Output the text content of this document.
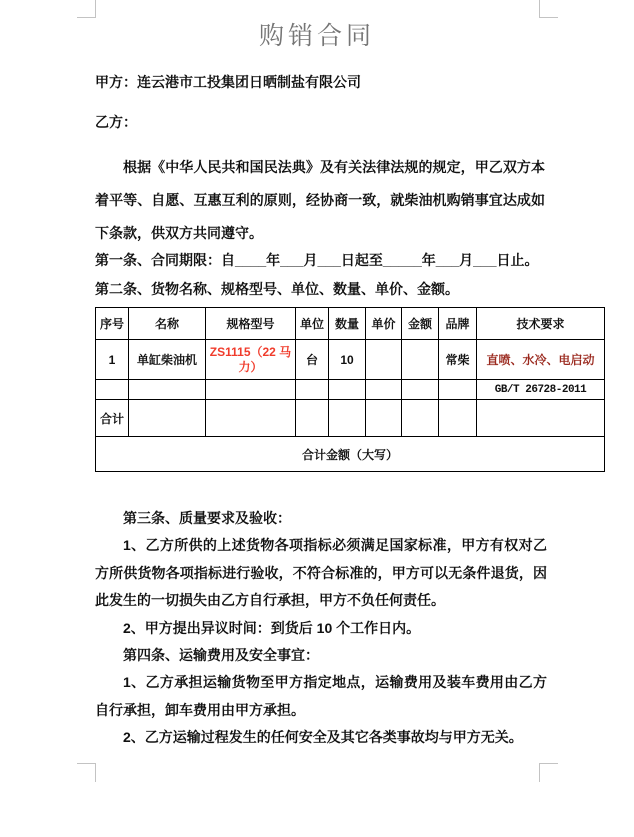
购销合同
甲方：连云港市工投集团日晒制盐有限公司
乙方：
根据《中华人民共和国民法典》及有关法律法规的规定，甲乙双方本着平等、自愿、互惠互利的原则，经协商一致，就柴油机购销事宜达成如下条款，供双方共同遵守。
第一条、合同期限：自____年___月___日起至_____年___月___日止。
第二条、货物名称、规格型号、单位、数量、单价、金额。
序号	名称	规格型号	单位	数量	单价	金额	品牌	技术要求
1	单缸柴油机	ZS1115（22 马力）	台	10			常柴	直喷、水冷、电启动
								GB/T 26728-2011
合计								
合计金额（大写）								

第三条、质量要求及验收：

1、乙方所供的上述货物各项指标必须满足国家标准，甲方有权对乙方所供货物各项指标进行验收，不符合标准的，甲方可以无条件退货，因此发生的一切损失由乙方自行承担，甲方不负任何责任。

2、甲方提出异议时间：到货后 10 个工作日内。

第四条、运输费用及安全事宜：

1、乙方承担运输货物至甲方指定地点，运输费用及装车费用由乙方自行承担，卸车费用由甲方承担。

2、乙方运输过程发生的任何安全及其它各类事故均与甲方无关。
